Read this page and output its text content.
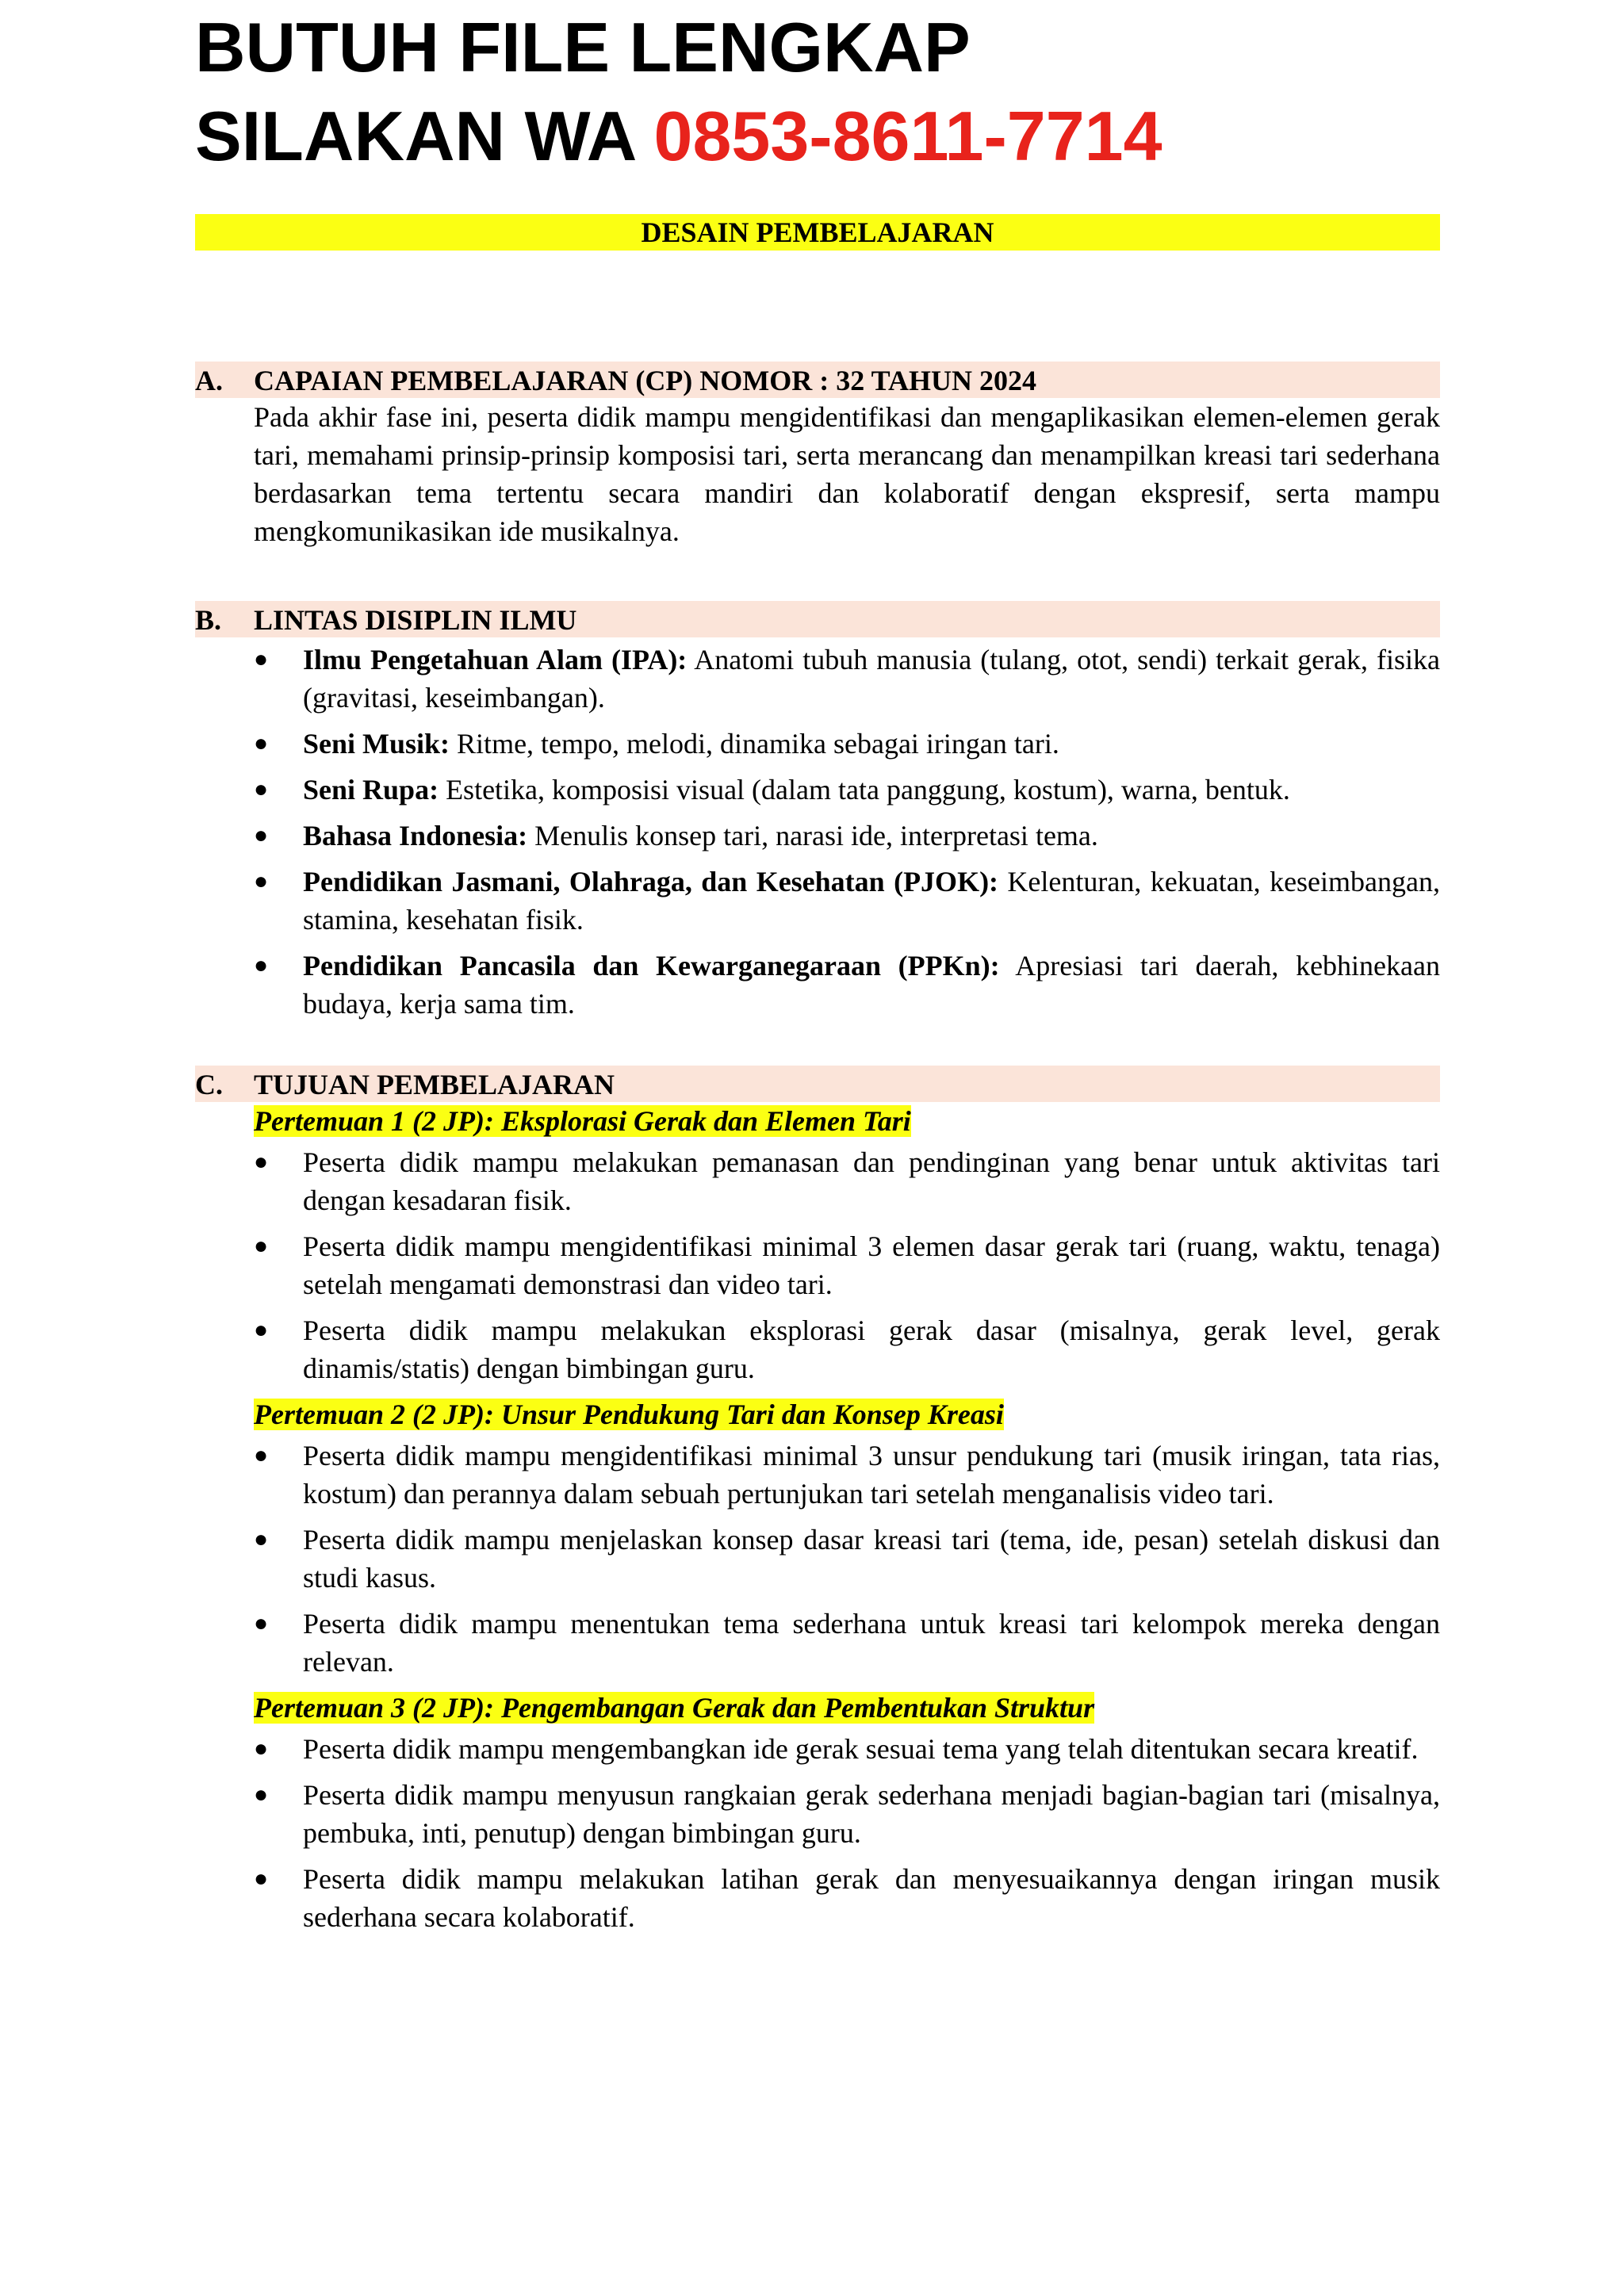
BUTUH FILE LENGKAP
SILAKAN WA 0853-8611-7714
DESAIN PEMBELAJARAN
A.	CAPAIAN PEMBELAJARAN (CP) NOMOR : 32 TAHUN 2024
Pada akhir fase ini, peserta didik mampu mengidentifikasi dan mengaplikasikan elemen-elemen gerak tari, memahami prinsip-prinsip komposisi tari, serta merancang dan menampilkan kreasi tari sederhana berdasarkan tema tertentu secara mandiri dan kolaboratif dengan ekspresif, serta mampu mengkomunikasikan ide musikalnya.
B.	LINTAS DISIPLIN ILMU
● Ilmu Pengetahuan Alam (IPA): Anatomi tubuh manusia (tulang, otot, sendi) terkait gerak, fisika (gravitasi, keseimbangan).
● Seni Musik: Ritme, tempo, melodi, dinamika sebagai iringan tari.
● Seni Rupa: Estetika, komposisi visual (dalam tata panggung, kostum), warna, bentuk.
● Bahasa Indonesia: Menulis konsep tari, narasi ide, interpretasi tema.
● Pendidikan Jasmani, Olahraga, dan Kesehatan (PJOK): Kelenturan, kekuatan, keseimbangan, stamina, kesehatan fisik.
● Pendidikan Pancasila dan Kewarganegaraan (PPKn): Apresiasi tari daerah, kebhinekaan budaya, kerja sama tim.
C.	TUJUAN PEMBELAJARAN
Pertemuan 1 (2 JP): Eksplorasi Gerak dan Elemen Tari
● Peserta didik mampu melakukan pemanasan dan pendinginan yang benar untuk aktivitas tari dengan kesadaran fisik.
● Peserta didik mampu mengidentifikasi minimal 3 elemen dasar gerak tari (ruang, waktu, tenaga) setelah mengamati demonstrasi dan video tari.
● Peserta didik mampu melakukan eksplorasi gerak dasar (misalnya, gerak level, gerak dinamis/statis) dengan bimbingan guru.
Pertemuan 2 (2 JP): Unsur Pendukung Tari dan Konsep Kreasi
● Peserta didik mampu mengidentifikasi minimal 3 unsur pendukung tari (musik iringan, tata rias, kostum) dan perannya dalam sebuah pertunjukan tari setelah menganalisis video tari.
● Peserta didik mampu menjelaskan konsep dasar kreasi tari (tema, ide, pesan) setelah diskusi dan studi kasus.
● Peserta didik mampu menentukan tema sederhana untuk kreasi tari kelompok mereka dengan relevan.
Pertemuan 3 (2 JP): Pengembangan Gerak dan Pembentukan Struktur
● Peserta didik mampu mengembangkan ide gerak sesuai tema yang telah ditentukan secara kreatif.
● Peserta didik mampu menyusun rangkaian gerak sederhana menjadi bagian-bagian tari (misalnya, pembuka, inti, penutup) dengan bimbingan guru.
● Peserta didik mampu melakukan latihan gerak dan menyesuaikannya dengan iringan musik sederhana secara kolaboratif.
